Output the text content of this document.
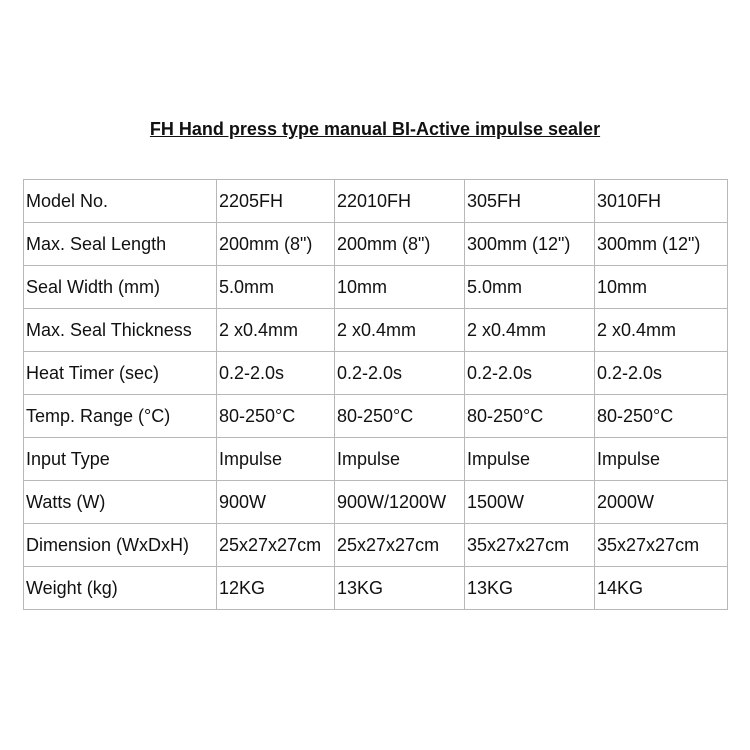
FH Hand press type manual BI-Active impulse sealer
Model No.	2205FH	22010FH	305FH	3010FH
Max. Seal Length	200mm (8")	200mm (8")	300mm (12")	300mm (12")
Seal Width (mm)	5.0mm	10mm	5.0mm	10mm
Max. Seal Thickness	2 x0.4mm	2 x0.4mm	2 x0.4mm	2 x0.4mm
Heat Timer (sec)	0.2-2.0s	0.2-2.0s	0.2-2.0s	0.2-2.0s
Temp. Range (°C)	80-250°C	80-250°C	80-250°C	80-250°C
Input Type	Impulse	Impulse	Impulse	Impulse
Watts (W)	900W	900W/1200W	1500W	2000W
Dimension (WxDxH)	25x27x27cm	25x27x27cm	35x27x27cm	35x27x27cm
Weight (kg)	12KG	13KG	13KG	14KG
